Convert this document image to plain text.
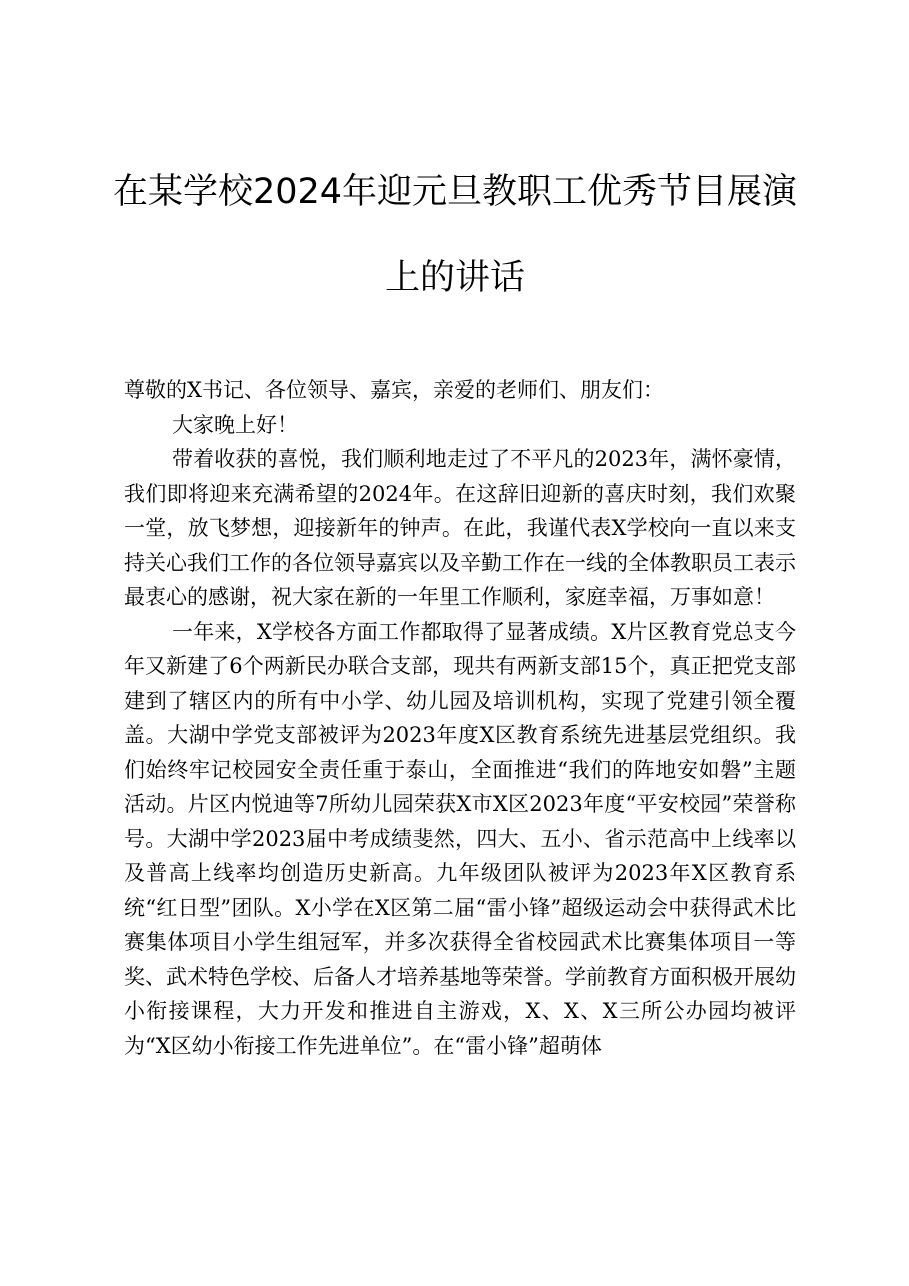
在某学校2024年迎元旦教职工优秀节目展演
上的讲话

尊敬的X书记、各位领导、嘉宾，亲爱的老师们、朋友们：

大家晚上好！

带着收获的喜悦，我们顺利地走过了不平凡的2023年，满怀豪情，我们即将迎来充满希望的2024年。在这辞旧迎新的喜庆时刻，我们欢聚一堂，放飞梦想，迎接新年的钟声。在此，我谨代表X学校向一直以来支持关心我们工作的各位领导嘉宾以及辛勤工作在一线的全体教职员工表示最衷心的感谢，祝大家在新的一年里工作顺利，家庭幸福，万事如意！

一年来，X学校各方面工作都取得了显著成绩。X片区教育党总支今年又新建了6个两新民办联合支部，现共有两新支部15个，真正把党支部建到了辖区内的所有中小学、幼儿园及培训机构，实现了党建引领全覆盖。大湖中学党支部被评为2023年度X区教育系统先进基层党组织。我们始终牢记校园安全责任重于泰山，全面推进“我们的阵地安如磐”主题活动。片区内悦迪等7所幼儿园荣获X市X区2023年度“平安校园”荣誉称号。大湖中学2023届中考成绩斐然，四大、五小、省示范高中上线率以及普高上线率均创造历史新高。九年级团队被评为2023年X区教育系统“红日型”团队。X小学在X区第二届“雷小锋”超级运动会中获得武术比赛集体项目小学生组冠军，并多次获得全省校园武术比赛集体项目一等奖、武术特色学校、后备人才培养基地等荣誉。学前教育方面积极开展幼小衔接课程，大力开发和推进自主游戏，X、X、X三所公办园均被评为“X区幼小衔接工作先进单位”。在“雷小锋”超萌体
